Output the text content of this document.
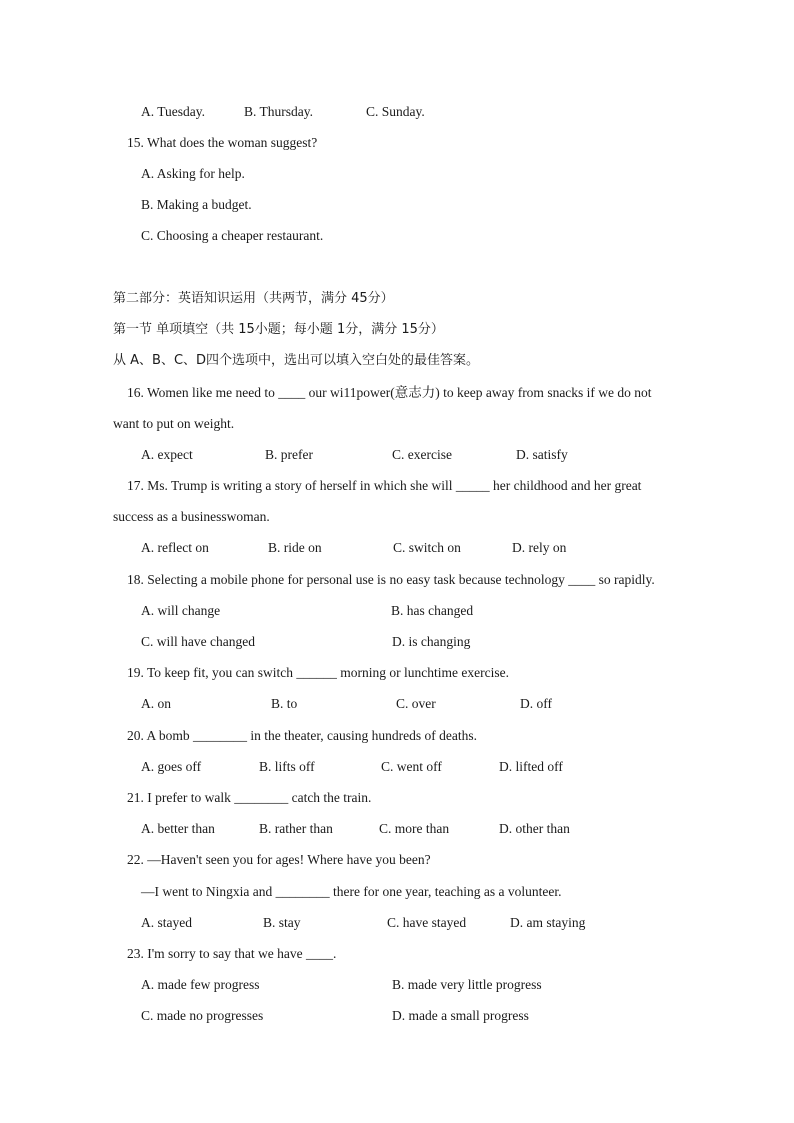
A. Tuesday.	B. Thursday.	C. Sunday.
15. What does the woman suggest?
A. Asking for help.
B. Making a budget.
C. Choosing a cheaper restaurant.
第二部分：英语知识运用（共两节，满分 45分）
第一节 单项填空（共 15小题；每小题 1分，满分 15分）
从 A、B、C、D四个选项中，选出可以填入空白处的最佳答案。
16. Women like me need to ____ our wi11power(意志力) to keep away from snacks if we do not
want to put on weight.
A. expect	B. prefer	C. exercise	D. satisfy
17. Ms. Trump is writing a story of herself in which she will _____ her childhood and her great
success as a businesswoman.
A. reflect on	B. ride on	C. switch on	D. rely on
18. Selecting a mobile phone for personal use is no easy task because technology ____ so rapidly.
A. will change	B. has changed
C. will have changed	D. is changing
19. To keep fit, you can switch ______ morning or lunchtime exercise.
A. on	B. to	C. over	D. off
20. A bomb ________ in the theater, causing hundreds of deaths.
A. goes off	B. lifts off	C. went off	D. lifted off
21. I prefer to walk ________ catch the train.
A. better than	B. rather than	C. more than	D. other than
22. —Haven't seen you for ages! Where have you been?
—I went to Ningxia and ________ there for one year, teaching as a volunteer.
A. stayed	B. stay	C. have stayed	D. am staying
23. I'm sorry to say that we have ____.
A. made few progress	B. made very little progress
C. made no progresses	D. made a small progress
